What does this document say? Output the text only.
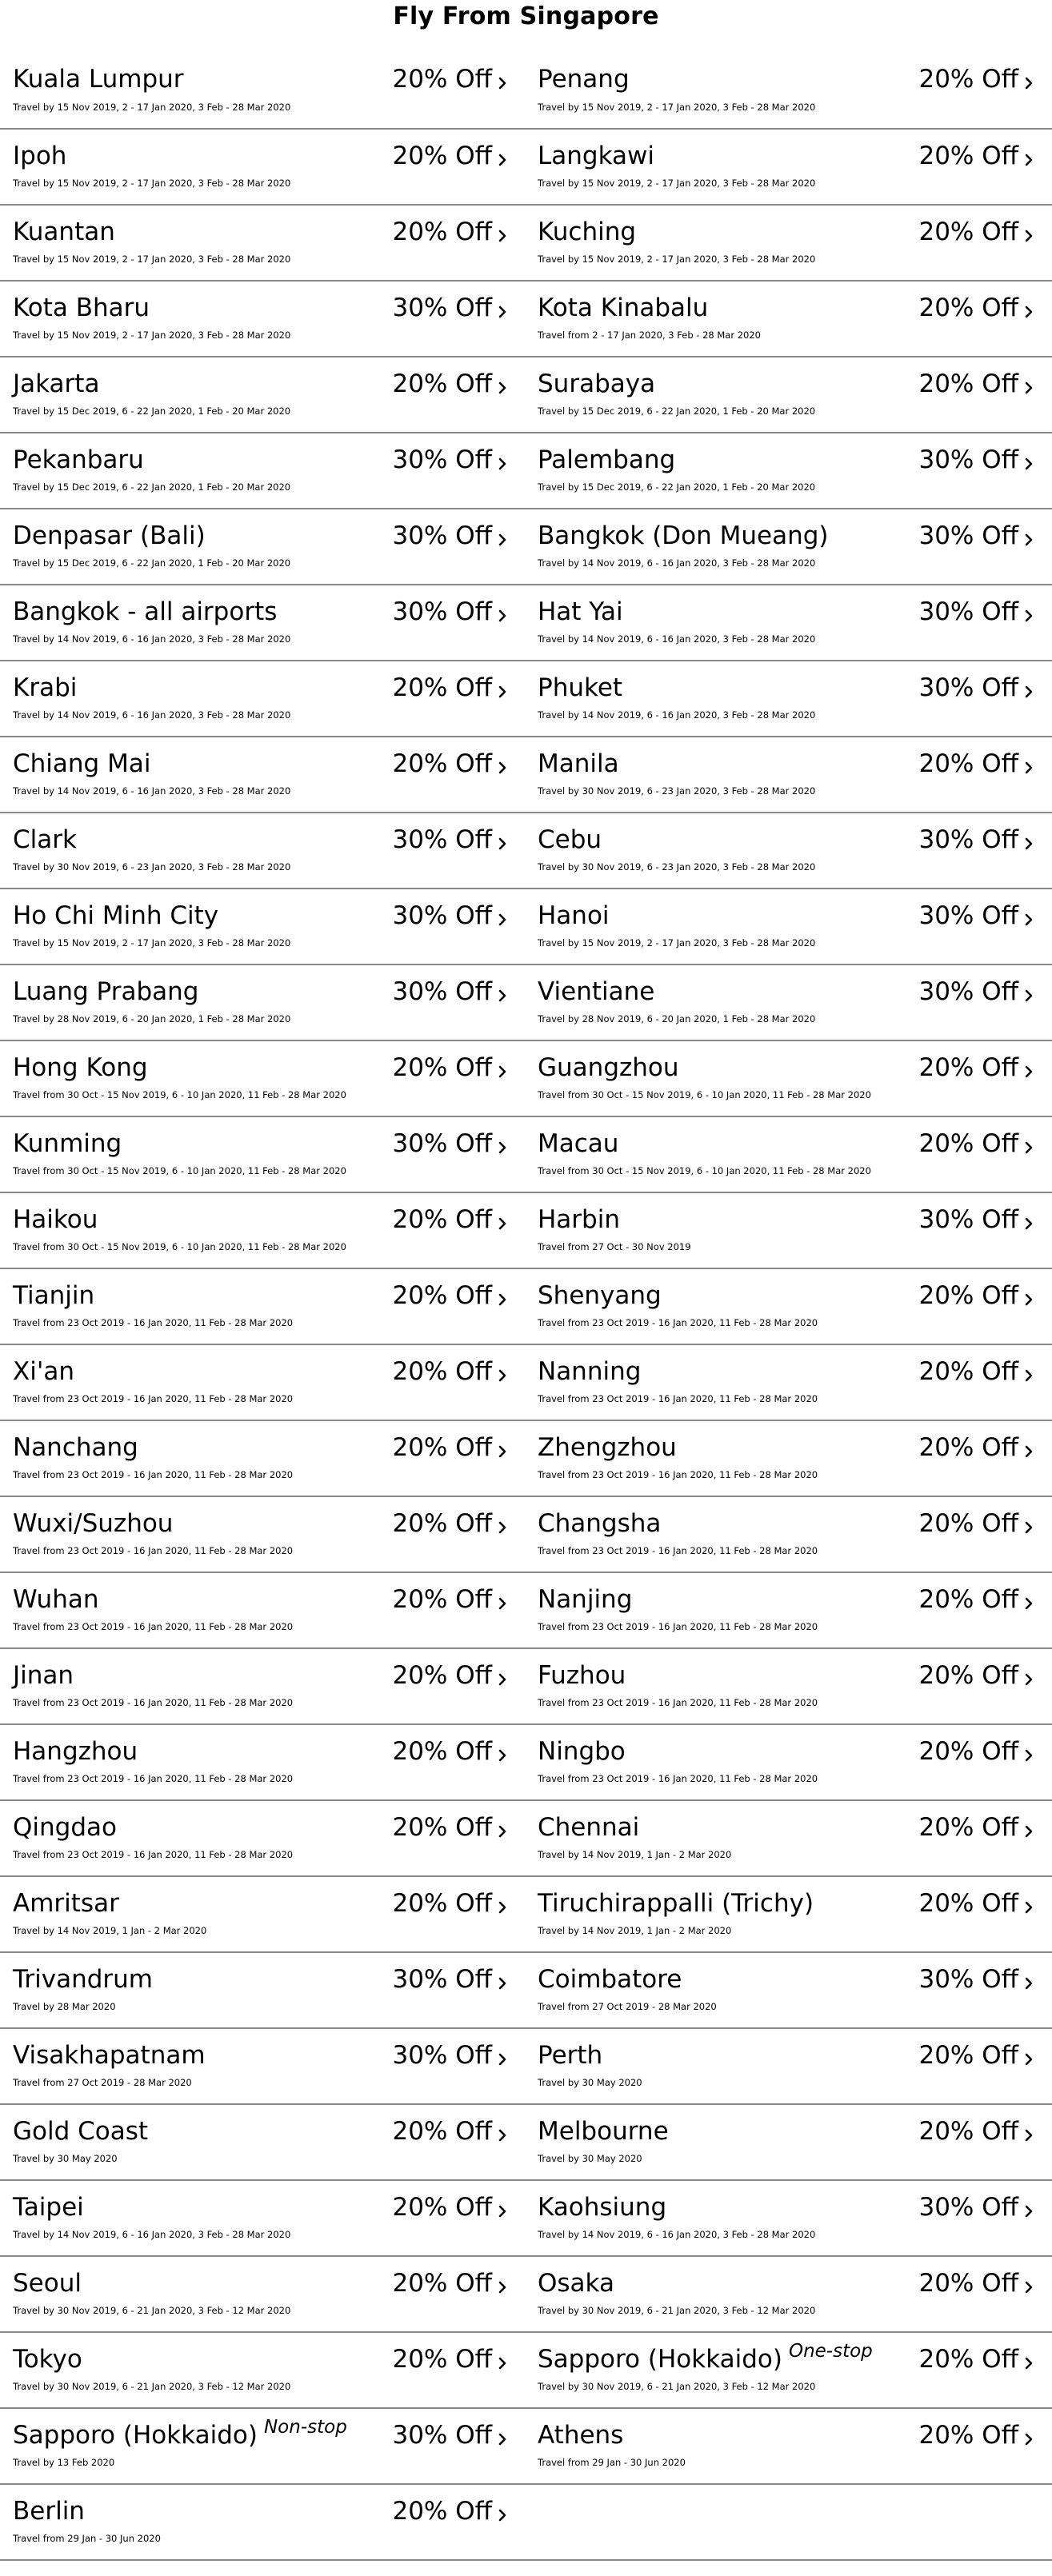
Fly From Singapore
Kuala Lumpur
Travel by 15 Nov 2019, 2 - 17 Jan 2020, 3 Feb - 28 Mar 2020
20% Off Penang
Travel by 15 Nov 2019, 2 - 17 Jan 2020, 3 Feb - 28 Mar 2020
20% Off
Ipoh
Travel by 15 Nov 2019, 2 - 17 Jan 2020, 3 Feb - 28 Mar 2020
20% Off Langkawi
Travel by 15 Nov 2019, 2 - 17 Jan 2020, 3 Feb - 28 Mar 2020
20% Off
Kuantan
Travel by 15 Nov 2019, 2 - 17 Jan 2020, 3 Feb - 28 Mar 2020
20% Off Kuching
Travel by 15 Nov 2019, 2 - 17 Jan 2020, 3 Feb - 28 Mar 2020
20% Off
Kota Bharu
Travel by 15 Nov 2019, 2 - 17 Jan 2020, 3 Feb - 28 Mar 2020
30% Off Kota Kinabalu
Travel from 2 - 17 Jan 2020, 3 Feb - 28 Mar 2020
20% Off
Jakarta
Travel by 15 Dec 2019, 6 - 22 Jan 2020, 1 Feb - 20 Mar 2020
20% Off Surabaya
Travel by 15 Dec 2019, 6 - 22 Jan 2020, 1 Feb - 20 Mar 2020
20% Off
Pekanbaru
Travel by 15 Dec 2019, 6 - 22 Jan 2020, 1 Feb - 20 Mar 2020
30% Off Palembang
Travel by 15 Dec 2019, 6 - 22 Jan 2020, 1 Feb - 20 Mar 2020
30% Off
Denpasar (Bali)
Travel by 15 Dec 2019, 6 - 22 Jan 2020, 1 Feb - 20 Mar 2020
30% Off Bangkok (Don Mueang)
Travel by 14 Nov 2019, 6 - 16 Jan 2020, 3 Feb - 28 Mar 2020
30% Off
Bangkok - all airports
Travel by 14 Nov 2019, 6 - 16 Jan 2020, 3 Feb - 28 Mar 2020
30% Off Hat Yai
Travel by 14 Nov 2019, 6 - 16 Jan 2020, 3 Feb - 28 Mar 2020
30% Off
Krabi
Travel by 14 Nov 2019, 6 - 16 Jan 2020, 3 Feb - 28 Mar 2020
20% Off Phuket
Travel by 14 Nov 2019, 6 - 16 Jan 2020, 3 Feb - 28 Mar 2020
30% Off
Chiang Mai
Travel by 14 Nov 2019, 6 - 16 Jan 2020, 3 Feb - 28 Mar 2020
20% Off Manila
Travel by 30 Nov 2019, 6 - 23 Jan 2020, 3 Feb - 28 Mar 2020
20% Off
Clark
Travel by 30 Nov 2019, 6 - 23 Jan 2020, 3 Feb - 28 Mar 2020
30% Off Cebu
Travel by 30 Nov 2019, 6 - 23 Jan 2020, 3 Feb - 28 Mar 2020
30% Off
Ho Chi Minh City
Travel by 15 Nov 2019, 2 - 17 Jan 2020, 3 Feb - 28 Mar 2020
30% Off Hanoi
Travel by 15 Nov 2019, 2 - 17 Jan 2020, 3 Feb - 28 Mar 2020
30% Off
Luang Prabang
Travel by 28 Nov 2019, 6 - 20 Jan 2020, 1 Feb - 28 Mar 2020
30% Off Vientiane
Travel by 28 Nov 2019, 6 - 20 Jan 2020, 1 Feb - 28 Mar 2020
30% Off
Hong Kong
Travel from 30 Oct - 15 Nov 2019, 6 - 10 Jan 2020, 11 Feb - 28 Mar 2020
20% Off Guangzhou
Travel from 30 Oct - 15 Nov 2019, 6 - 10 Jan 2020, 11 Feb - 28 Mar 2020
20% Off
Kunming
Travel from 30 Oct - 15 Nov 2019, 6 - 10 Jan 2020, 11 Feb - 28 Mar 2020
30% Off Macau
Travel from 30 Oct - 15 Nov 2019, 6 - 10 Jan 2020, 11 Feb - 28 Mar 2020
20% Off
Haikou
Travel from 30 Oct - 15 Nov 2019, 6 - 10 Jan 2020, 11 Feb - 28 Mar 2020
20% Off Harbin
Travel from 27 Oct - 30 Nov 2019
30% Off
Tianjin
Travel from 23 Oct 2019 - 16 Jan 2020, 11 Feb - 28 Mar 2020
20% Off Shenyang
Travel from 23 Oct 2019 - 16 Jan 2020, 11 Feb - 28 Mar 2020
20% Off
Xi'an
Travel from 23 Oct 2019 - 16 Jan 2020, 11 Feb - 28 Mar 2020
20% Off Nanning
Travel from 23 Oct 2019 - 16 Jan 2020, 11 Feb - 28 Mar 2020
20% Off
Nanchang
Travel from 23 Oct 2019 - 16 Jan 2020, 11 Feb - 28 Mar 2020
20% Off Zhengzhou
Travel from 23 Oct 2019 - 16 Jan 2020, 11 Feb - 28 Mar 2020
20% Off
Wuxi/Suzhou
Travel from 23 Oct 2019 - 16 Jan 2020, 11 Feb - 28 Mar 2020
20% Off Changsha
Travel from 23 Oct 2019 - 16 Jan 2020, 11 Feb - 28 Mar 2020
20% Off
Wuhan
Travel from 23 Oct 2019 - 16 Jan 2020, 11 Feb - 28 Mar 2020
20% Off Nanjing
Travel from 23 Oct 2019 - 16 Jan 2020, 11 Feb - 28 Mar 2020
20% Off
Jinan
Travel from 23 Oct 2019 - 16 Jan 2020, 11 Feb - 28 Mar 2020
20% Off Fuzhou
Travel from 23 Oct 2019 - 16 Jan 2020, 11 Feb - 28 Mar 2020
20% Off
Hangzhou
Travel from 23 Oct 2019 - 16 Jan 2020, 11 Feb - 28 Mar 2020
20% Off Ningbo
Travel from 23 Oct 2019 - 16 Jan 2020, 11 Feb - 28 Mar 2020
20% Off
Qingdao
Travel from 23 Oct 2019 - 16 Jan 2020, 11 Feb - 28 Mar 2020
20% Off Chennai
Travel by 14 Nov 2019, 1 Jan - 2 Mar 2020
20% Off
Amritsar
Travel by 14 Nov 2019, 1 Jan - 2 Mar 2020
20% Off Tiruchirappalli (Trichy)
Travel by 14 Nov 2019, 1 Jan - 2 Mar 2020
20% Off
Trivandrum
Travel by 28 Mar 2020
30% Off Coimbatore
Travel from 27 Oct 2019 - 28 Mar 2020
30% Off
Visakhapatnam
Travel from 27 Oct 2019 - 28 Mar 2020
30% Off Perth
Travel by 30 May 2020
20% Off
Gold Coast
Travel by 30 May 2020
20% Off Melbourne
Travel by 30 May 2020
20% Off
Taipei
Travel by 14 Nov 2019, 6 - 16 Jan 2020, 3 Feb - 28 Mar 2020
20% Off Kaohsiung
Travel by 14 Nov 2019, 6 - 16 Jan 2020, 3 Feb - 28 Mar 2020
30% Off
Seoul
Travel by 30 Nov 2019, 6 - 21 Jan 2020, 3 Feb - 12 Mar 2020
20% Off Osaka
Travel by 30 Nov 2019, 6 - 21 Jan 2020, 3 Feb - 12 Mar 2020
20% Off
Tokyo
Travel by 30 Nov 2019, 6 - 21 Jan 2020, 3 Feb - 12 Mar 2020
20% Off Sapporo (Hokkaido) $^{One-stop}$
Travel by 30 Nov 2019, 6 - 21 Jan 2020, 3 Feb - 12 Mar 2020
20% Off
Sapporo (Hokkaido) $^{Non-stop}$
Travel by 13 Feb 2020
30% Off Athens
Travel from 29 Jan - 30 Jun 2020
20% Off
Berlin
Travel from 29 Jan - 30 Jun 2020
20% Off
